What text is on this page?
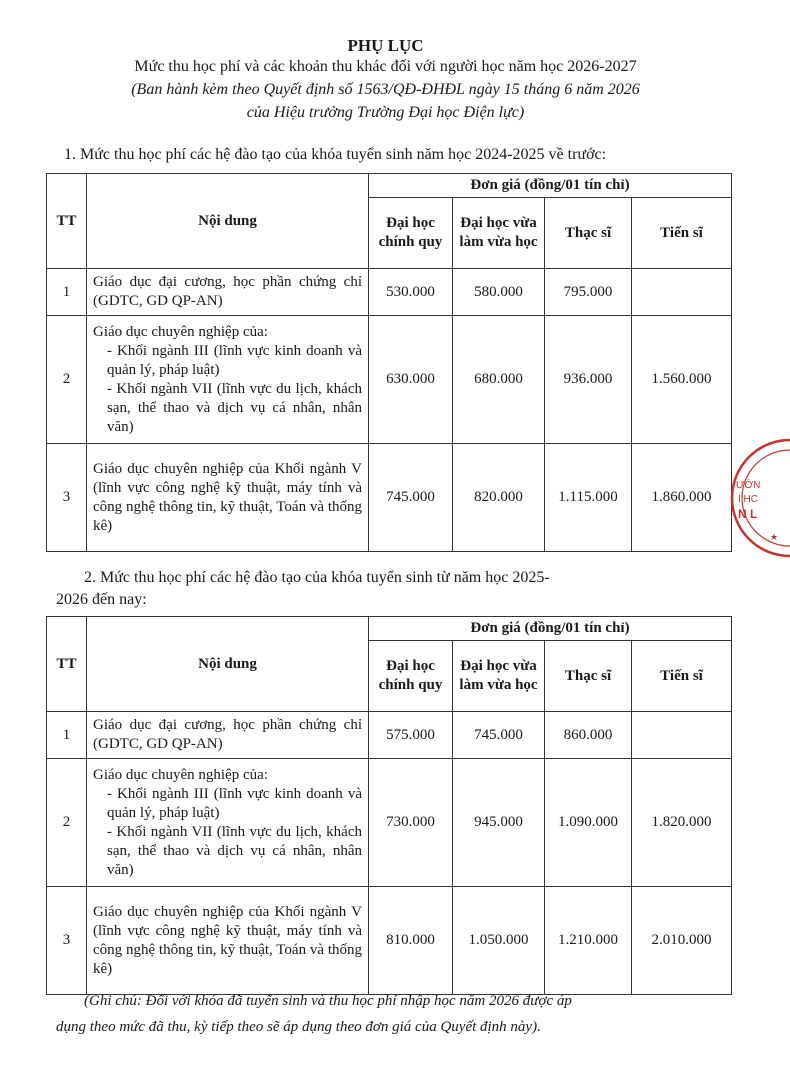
PHỤ LỤC
Mức thu học phí và các khoản thu khác đối với người học năm học 2026-2027
(Ban hành kèm theo Quyết định số 1563/QĐ-ĐHĐL ngày 15 tháng 6 năm 2026
của Hiệu trưởng Trường Đại học Điện lực)
1. Mức thu học phí các hệ đào tạo của khóa tuyển sinh năm học 2024-2025 về trước:
TT	Nội dung	Đơn giá (đồng/01 tín chỉ)			
		Đại học chính quy	Đại học vừa làm vừa học	Thạc sĩ	Tiến sĩ
1	Giáo dục đại cương, học phần chứng chỉ (GDTC, GD QP-AN)	530.000	580.000	795.000	
2	Giáo dục chuyên nghiệp của:
- Khối ngành III (lĩnh vực kinh doanh và quản lý, pháp luật)
- Khối ngành VII (lĩnh vực du lịch, khách sạn, thể thao và dịch vụ cá nhân, nhân văn)	630.000	680.000	936.000	1.560.000
3	Giáo dục chuyên nghiệp của Khối ngành V (lĩnh vực công nghệ kỹ thuật, máy tính và công nghệ thông tin, kỹ thuật, Toán và thống kê)	745.000	820.000	1.115.000	1.860.000
2. Mức thu học phí các hệ đào tạo của khóa tuyển sinh từ năm học 2025-
2026 đến nay:
TT	Nội dung	Đơn giá (đồng/01 tín chỉ)			
		Đại học chính quy	Đại học vừa làm vừa học	Thạc sĩ	Tiến sĩ
1	Giáo dục đại cương, học phần chứng chỉ (GDTC, GD QP-AN)	575.000	745.000	860.000	
2	Giáo dục chuyên nghiệp của:
- Khối ngành III (lĩnh vực kinh doanh và quản lý, pháp luật)
- Khối ngành VII (lĩnh vực du lịch, khách sạn, thể thao và dịch vụ cá nhân, nhân văn)	730.000	945.000	1.090.000	1.820.000
3	Giáo dục chuyên nghiệp của Khối ngành V (lĩnh vực công nghệ kỹ thuật, máy tính và công nghệ thông tin, kỹ thuật, Toán và thống kê)	810.000	1.050.000	1.210.000	2.010.000
(Ghi chú: Đối với khóa đã tuyển sinh và thu học phí nhập học năm 2026 được áp
dụng theo mức đã thu, kỳ tiếp theo sẽ áp dụng theo đơn giá của Quyết định này).
ƯỜN
I HC
N L
★
